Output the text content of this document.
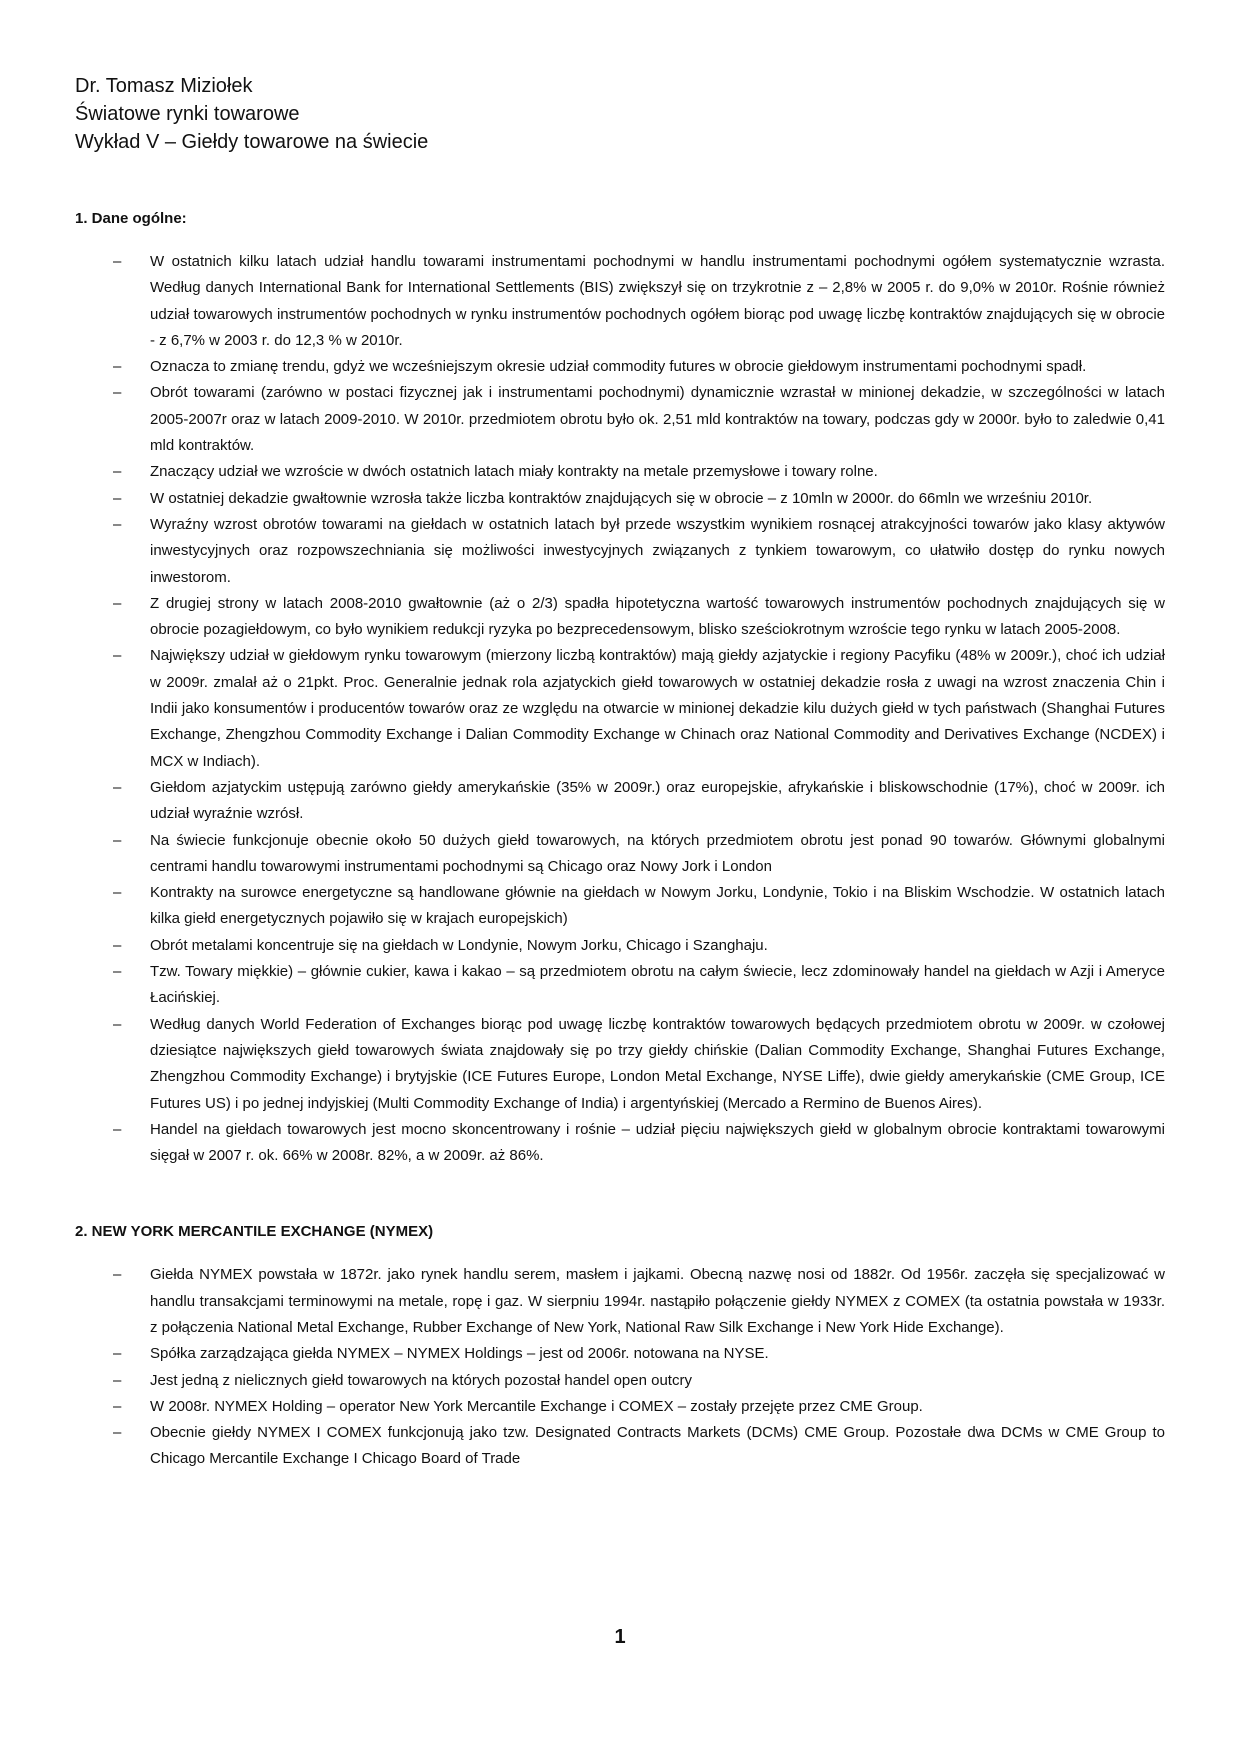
Dr. Tomasz Miziołek

Światowe rynki towarowe

Wykład V – Giełdy towarowe na świecie

1. Dane ogólne:

– W ostatnich kilku latach udział handlu towarami instrumentami pochodnymi w handlu instrumentami pochodnymi ogółem systematycznie wzrasta. Według danych International Bank for International Settlements (BIS) zwiększył się on trzykrotnie z – 2,8% w 2005 r. do 9,0% w 2010r. Rośnie również udział towarowych instrumentów pochodnych w rynku instrumentów pochodnych ogółem biorąc pod uwagę liczbę kontraktów znajdujących się w obrocie - z 6,7% w 2003 r. do 12,3 % w 2010r.
– Oznacza to zmianę trendu, gdyż we wcześniejszym okresie udział commodity futures w obrocie giełdowym instrumentami pochodnymi spadł.
– Obrót towarami (zarówno w postaci fizycznej jak i instrumentami pochodnymi) dynamicznie wzrastał w minionej dekadzie, w szczególności w latach 2005-2007r oraz w latach 2009-2010. W 2010r. przedmiotem obrotu było ok. 2,51 mld kontraktów na towary, podczas gdy w 2000r. było to zaledwie 0,41 mld kontraktów.
– Znaczący udział we wzroście w dwóch ostatnich latach miały kontrakty na metale przemysłowe i towary rolne.
– W ostatniej dekadzie gwałtownie wzrosła także liczba kontraktów znajdujących się w obrocie – z 10mln w 2000r. do 66mln we wrześniu 2010r.
– Wyraźny wzrost obrotów towarami na giełdach w ostatnich latach był przede wszystkim wynikiem rosnącej atrakcyjności towarów jako klasy aktywów inwestycyjnych oraz rozpowszechniania się możliwości inwestycyjnych związanych z tynkiem towarowym, co ułatwiło dostęp do rynku nowych inwestorom.
– Z drugiej strony w latach 2008-2010 gwałtownie (aż o 2/3) spadła hipotetyczna wartość towarowych instrumentów pochodnych znajdujących się w obrocie pozagiełdowym, co było wynikiem redukcji ryzyka po bezprecedensowym, blisko sześciokrotnym wzroście tego rynku w latach 2005-2008.
– Największy udział w giełdowym rynku towarowym (mierzony liczbą kontraktów) mają giełdy azjatyckie i regiony Pacyfiku (48% w 2009r.), choć ich udział w 2009r. zmalał aż o 21pkt. Proc. Generalnie jednak rola azjatyckich giełd towarowych w ostatniej dekadzie rosła z uwagi na wzrost znaczenia Chin i Indii jako konsumentów i producentów towarów oraz ze względu na otwarcie w minionej dekadzie kilu dużych giełd w tych państwach (Shanghai Futures Exchange, Zhengzhou Commodity Exchange i Dalian Commodity Exchange w Chinach oraz National Commodity and Derivatives Exchange (NCDEX) i MCX w Indiach).
– Giełdom azjatyckim ustępują zarówno giełdy amerykańskie (35% w 2009r.) oraz europejskie, afrykańskie i bliskowschodnie (17%), choć w 2009r. ich udział wyraźnie wzrósł.
– Na świecie funkcjonuje obecnie około 50 dużych giełd towarowych, na których przedmiotem obrotu jest ponad 90 towarów. Głównymi globalnymi centrami handlu towarowymi instrumentami pochodnymi są Chicago oraz Nowy Jork i London
– Kontrakty na surowce energetyczne są handlowane głównie na giełdach w Nowym Jorku, Londynie, Tokio i na Bliskim Wschodzie. W ostatnich latach kilka giełd energetycznych pojawiło się w krajach europejskich)
– Obrót metalami koncentruje się na giełdach w Londynie, Nowym Jorku, Chicago i Szanghaju.
– Tzw. Towary miękkie) – głównie cukier, kawa i kakao – są przedmiotem obrotu na całym świecie, lecz zdominowały handel na giełdach w Azji i Ameryce Łacińskiej.
– Według danych World Federation of Exchanges biorąc pod uwagę liczbę kontraktów towarowych będących przedmiotem obrotu w 2009r. w czołowej dziesiątce największych giełd towarowych świata znajdowały się po trzy giełdy chińskie (Dalian Commodity Exchange, Shanghai Futures Exchange, Zhengzhou Commodity Exchange) i brytyjskie (ICE Futures Europe, London Metal Exchange, NYSE Liffe), dwie giełdy amerykańskie (CME Group, ICE Futures US) i po jednej indyjskiej (Multi Commodity Exchange of India) i argentyńskiej (Mercado a Rermino de Buenos Aires).
– Handel na giełdach towarowych jest mocno skoncentrowany i rośnie – udział pięciu największych giełd w globalnym obrocie kontraktami towarowymi sięgał w 2007 r. ok. 66% w 2008r. 82%, a w 2009r. aż 86%.

2. NEW YORK MERCANTILE EXCHANGE (NYMEX)

– Giełda NYMEX powstała w 1872r. jako rynek handlu serem, masłem i jajkami. Obecną nazwę nosi od 1882r. Od 1956r. zaczęła się specjalizować w handlu transakcjami terminowymi na metale, ropę i gaz. W sierpniu 1994r. nastąpiło połączenie giełdy NYMEX z COMEX (ta ostatnia powstała w 1933r. z połączenia National Metal Exchange, Rubber Exchange of New York, National Raw Silk Exchange i New York Hide Exchange).
– Spółka zarządzająca giełda NYMEX – NYMEX Holdings – jest od 2006r. notowana na NYSE.
– Jest jedną z nielicznych giełd towarowych na których pozostał handel open outcry
– W 2008r. NYMEX Holding – operator New York Mercantile Exchange i COMEX – zostały przejęte przez CME Group.
– Obecnie giełdy NYMEX I COMEX funkcjonują jako tzw. Designated Contracts Markets (DCMs) CME Group. Pozostałe dwa DCMs w CME Group to Chicago Mercantile Exchange I Chicago Board of Trade
1
